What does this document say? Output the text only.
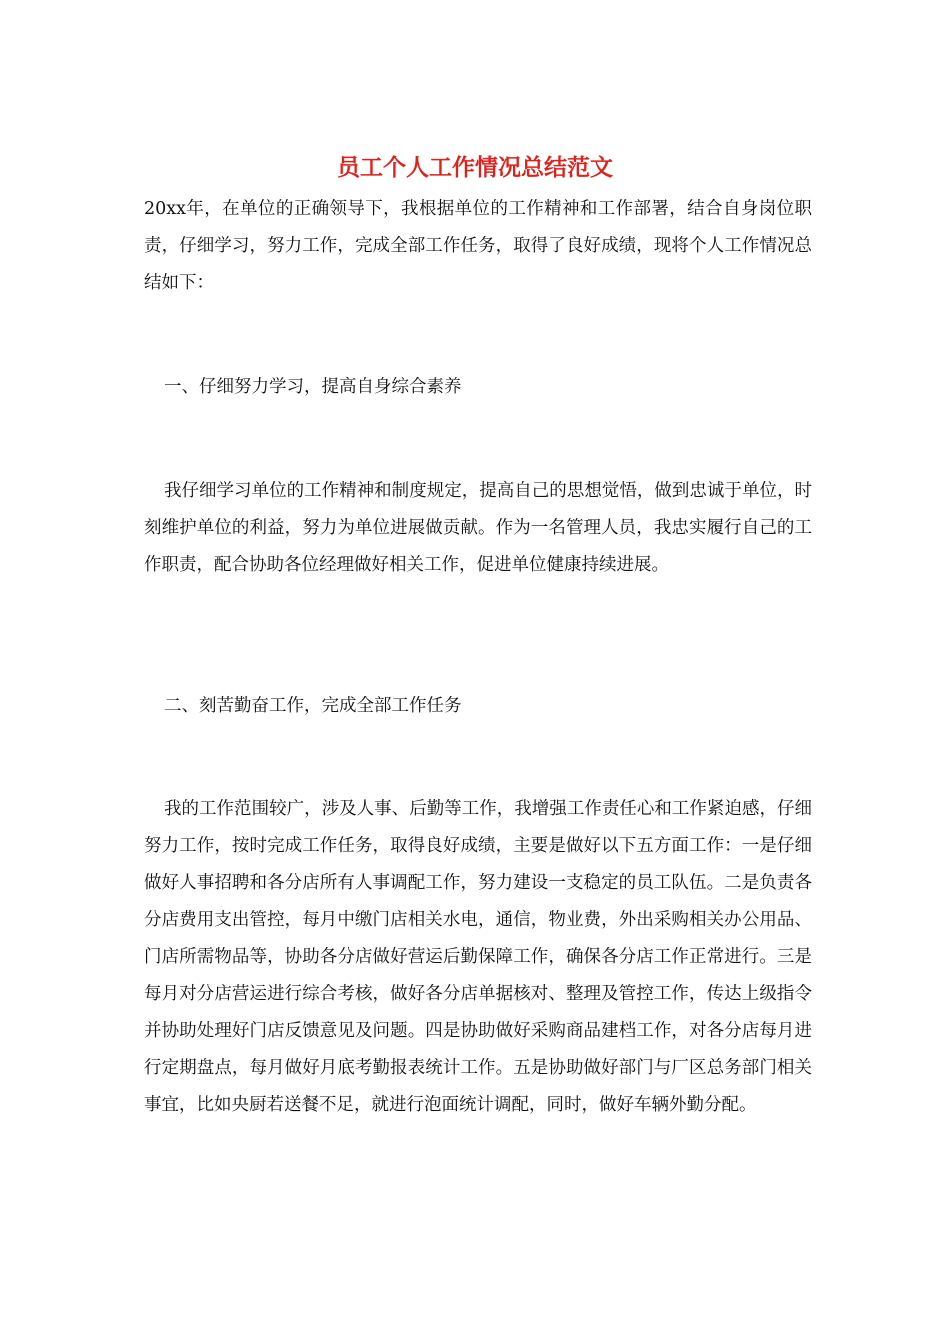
员工个人工作情况总结范文

20xx年，在单位的正确领导下，我根据单位的工作精神和工作部署，结合自身岗位职责，仔细学习，努力工作，完成全部工作任务，取得了良好成绩，现将个人工作情况总结如下：

一、仔细努力学习，提高自身综合素养

我仔细学习单位的工作精神和制度规定，提高自己的思想觉悟，做到忠诚于单位，时刻维护单位的利益，努力为单位进展做贡献。作为一名管理人员，我忠实履行自己的工作职责，配合协助各位经理做好相关工作，促进单位健康持续进展。

二、刻苦勤奋工作，完成全部工作任务

我的工作范围较广，涉及人事、后勤等工作，我增强工作责任心和工作紧迫感，仔细努力工作，按时完成工作任务，取得良好成绩，主要是做好以下五方面工作：一是仔细做好人事招聘和各分店所有人事调配工作，努力建设一支稳定的员工队伍。二是负责各分店费用支出管控，每月中缴门店相关水电，通信，物业费，外出采购相关办公用品、门店所需物品等，协助各分店做好营运后勤保障工作，确保各分店工作正常进行。三是每月对分店营运进行综合考核，做好各分店单据核对、整理及管控工作，传达上级指令并协助处理好门店反馈意见及问题。四是协助做好采购商品建档工作，对各分店每月进行定期盘点，每月做好月底考勤报表统计工作。五是协助做好部门与厂区总务部门相关事宜，比如央厨若送餐不足，就进行泡面统计调配，同时，做好车辆外勤分配。
